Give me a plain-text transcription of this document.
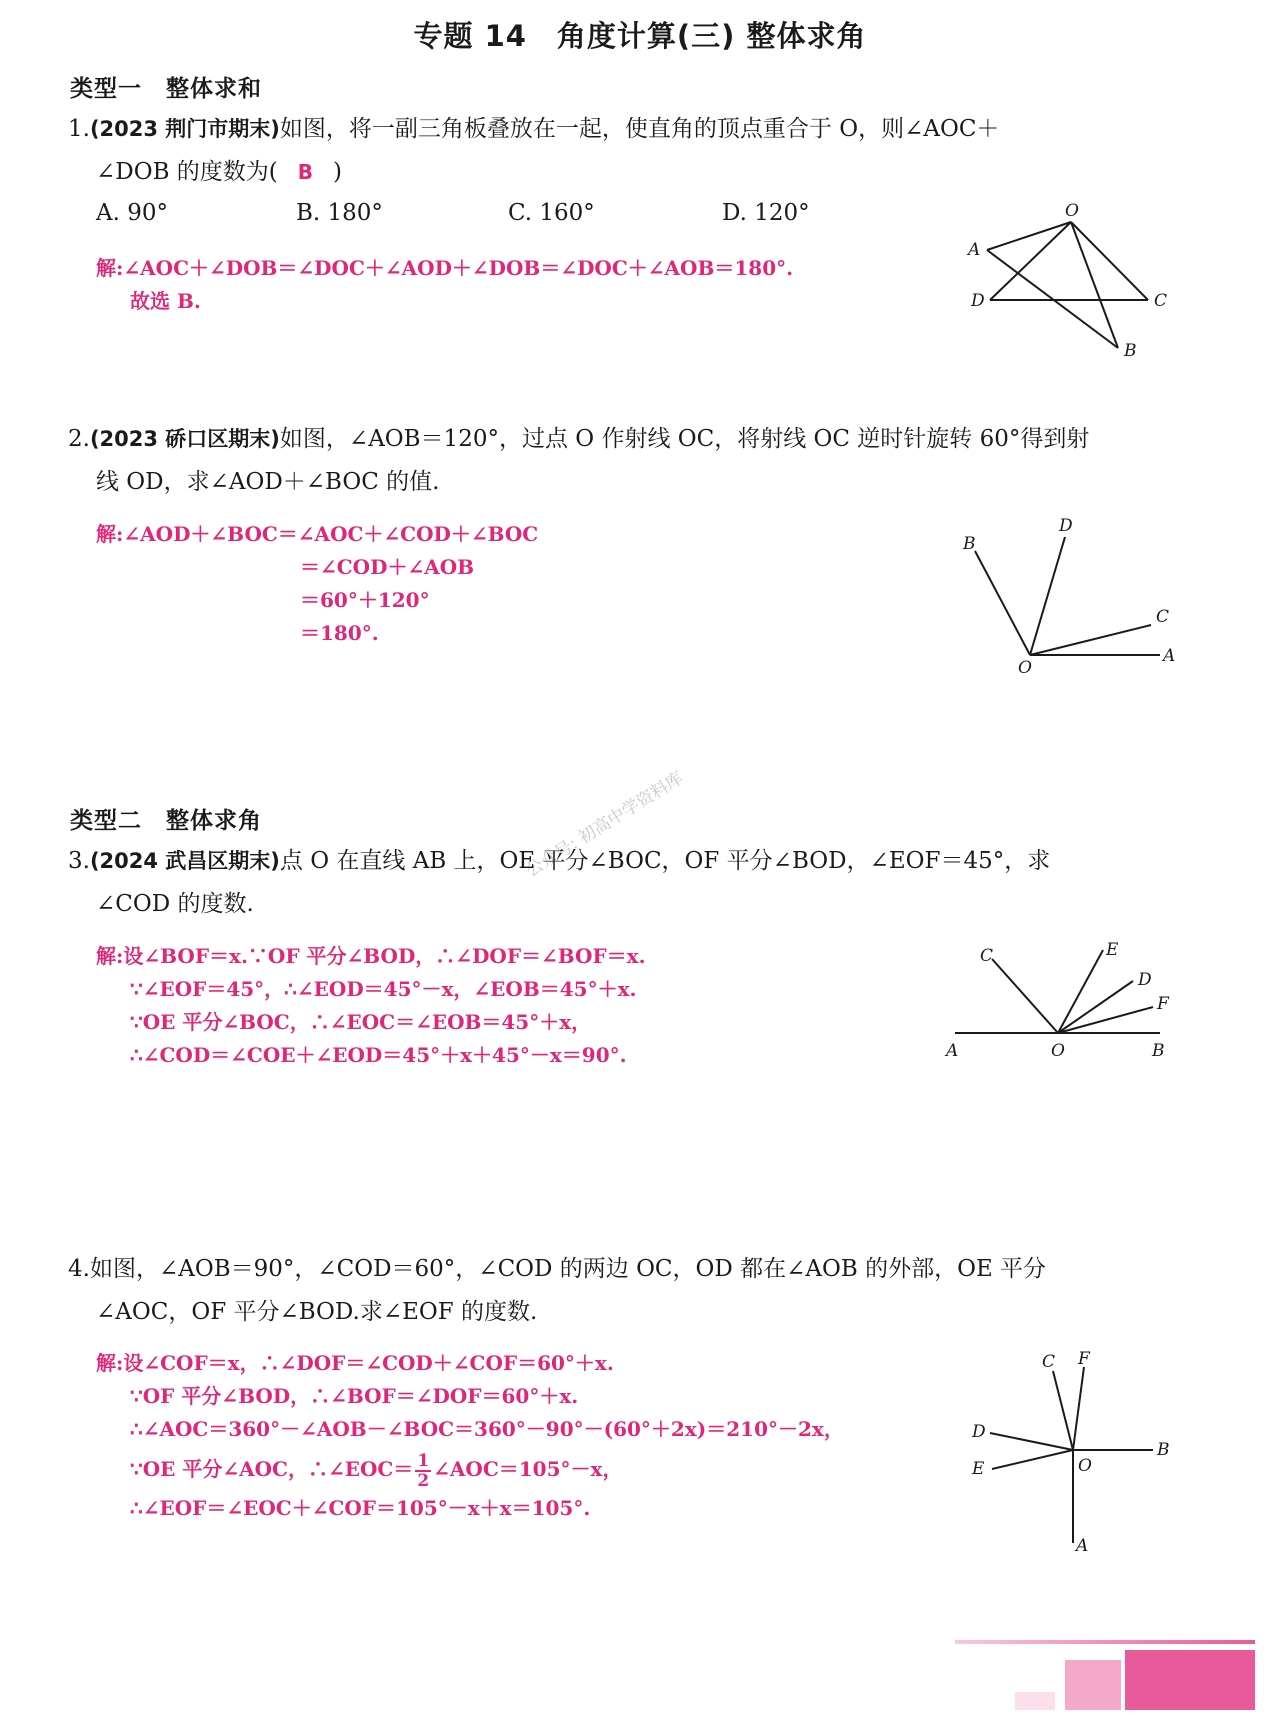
专题 14　角度计算(三) 整体求角
类型一　整体求和
1.(2023 荆门市期末)如图，将一副三角板叠放在一起，使直角的顶点重合于 O，则∠AOC＋
∠DOB 的度数为( B )
A. 90°	B. 180°	C. 160°	D. 120°
解:∠AOC＋∠DOB＝∠DOC＋∠AOD＋∠DOB＝∠DOC＋∠AOB＝180°.
故选 B.
O
A
D	C
B
2.(2023 硚口区期末)如图，∠AOB＝120°，过点 O 作射线 OC，将射线 OC 逆时针旋转 60°得到射
线 OD，求∠AOD＋∠BOC 的值.
解:∠AOD＋∠BOC＝∠AOC＋∠COD＋∠BOC
＝∠COD＋∠AOB
＝60°＋120°
＝180°.
B
D
C
O
A
类型二　整体求角	公众号: 初高中学资料库
3.(2024 武昌区期末)点 O 在直线 AB 上，OE 平分∠BOC，OF 平分∠BOD，∠EOF＝45°，求
∠COD 的度数.
解:设∠BOF＝x.∵OF 平分∠BOD，∴∠DOF＝∠BOF＝x.
∵∠EOF＝45°，∴∠EOD＝45°－x，∠EOB＝45°＋x.
∵OE 平分∠BOC，∴∠EOC＝∠EOB＝45°＋x，
∴∠COD＝∠COE＋∠EOD＝45°＋x＋45°－x＝90°.
C	E
D
F
A	O	B
4.如图，∠AOB＝90°，∠COD＝60°，∠COD 的两边 OC，OD 都在∠AOB 的外部，OE 平分
∠AOC，OF 平分∠BOD.求∠EOF 的度数.
解:设∠COF＝x，∴∠DOF＝∠COD＋∠COF＝60°＋x.
∵OF 平分∠BOD，∴∠BOF＝∠DOF＝60°＋x.
∴∠AOC＝360°－∠AOB－∠BOC＝360°－90°－(60°＋2x)＝210°－2x，
∵OE 平分∠AOC，∴∠EOC＝ $\frac{1}{2}$ ∠AOC＝105°－x，
∴∠EOF＝∠EOC＋∠COF＝105°－x＋x＝105°.
C F
D
E	O
B
A
